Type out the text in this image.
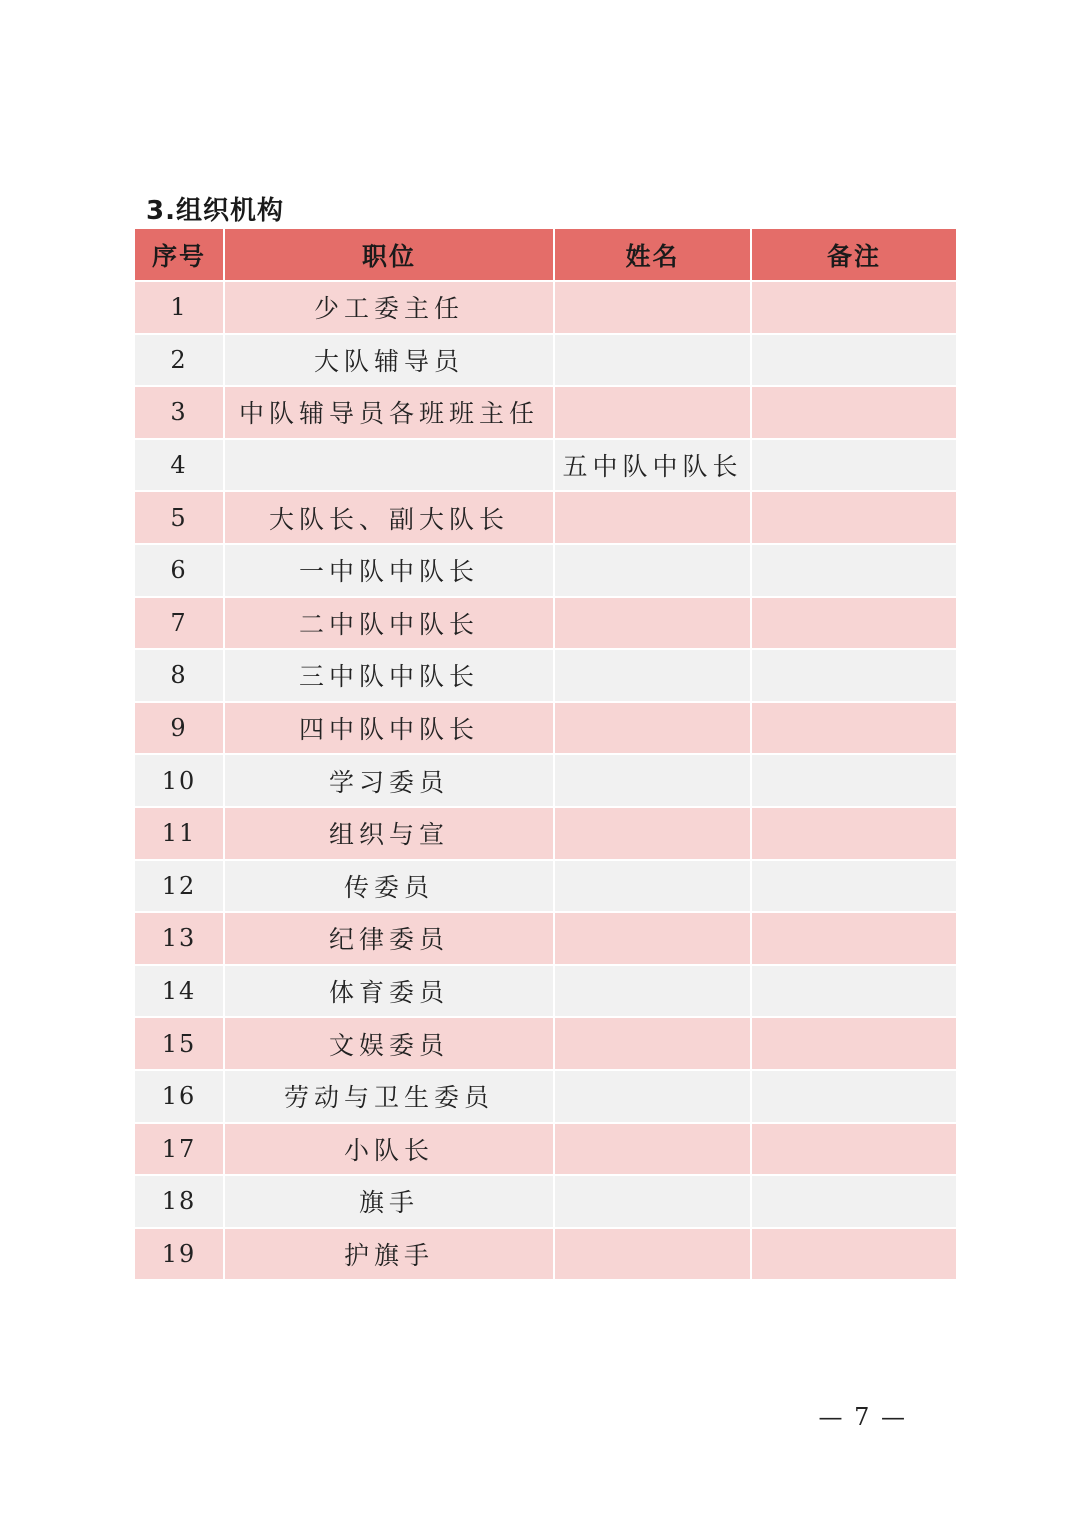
3.组织机构
序号	职位	姓名	备注
1	少工委主任		
2	大队辅导员		
3	中队辅导员各班班主任		
4		五中队中队长	
5	大队长、副大队长		
6	一中队中队长		
7	二中队中队长		
8	三中队中队长		
9	四中队中队长		
10	学习委员		
11	组织与宣		
12	传委员		
13	纪律委员		
14	体育委员		
15	文娱委员		
16	劳动与卫生委员		
17	小队长		
18	旗手		
19	护旗手		
— 7 —
